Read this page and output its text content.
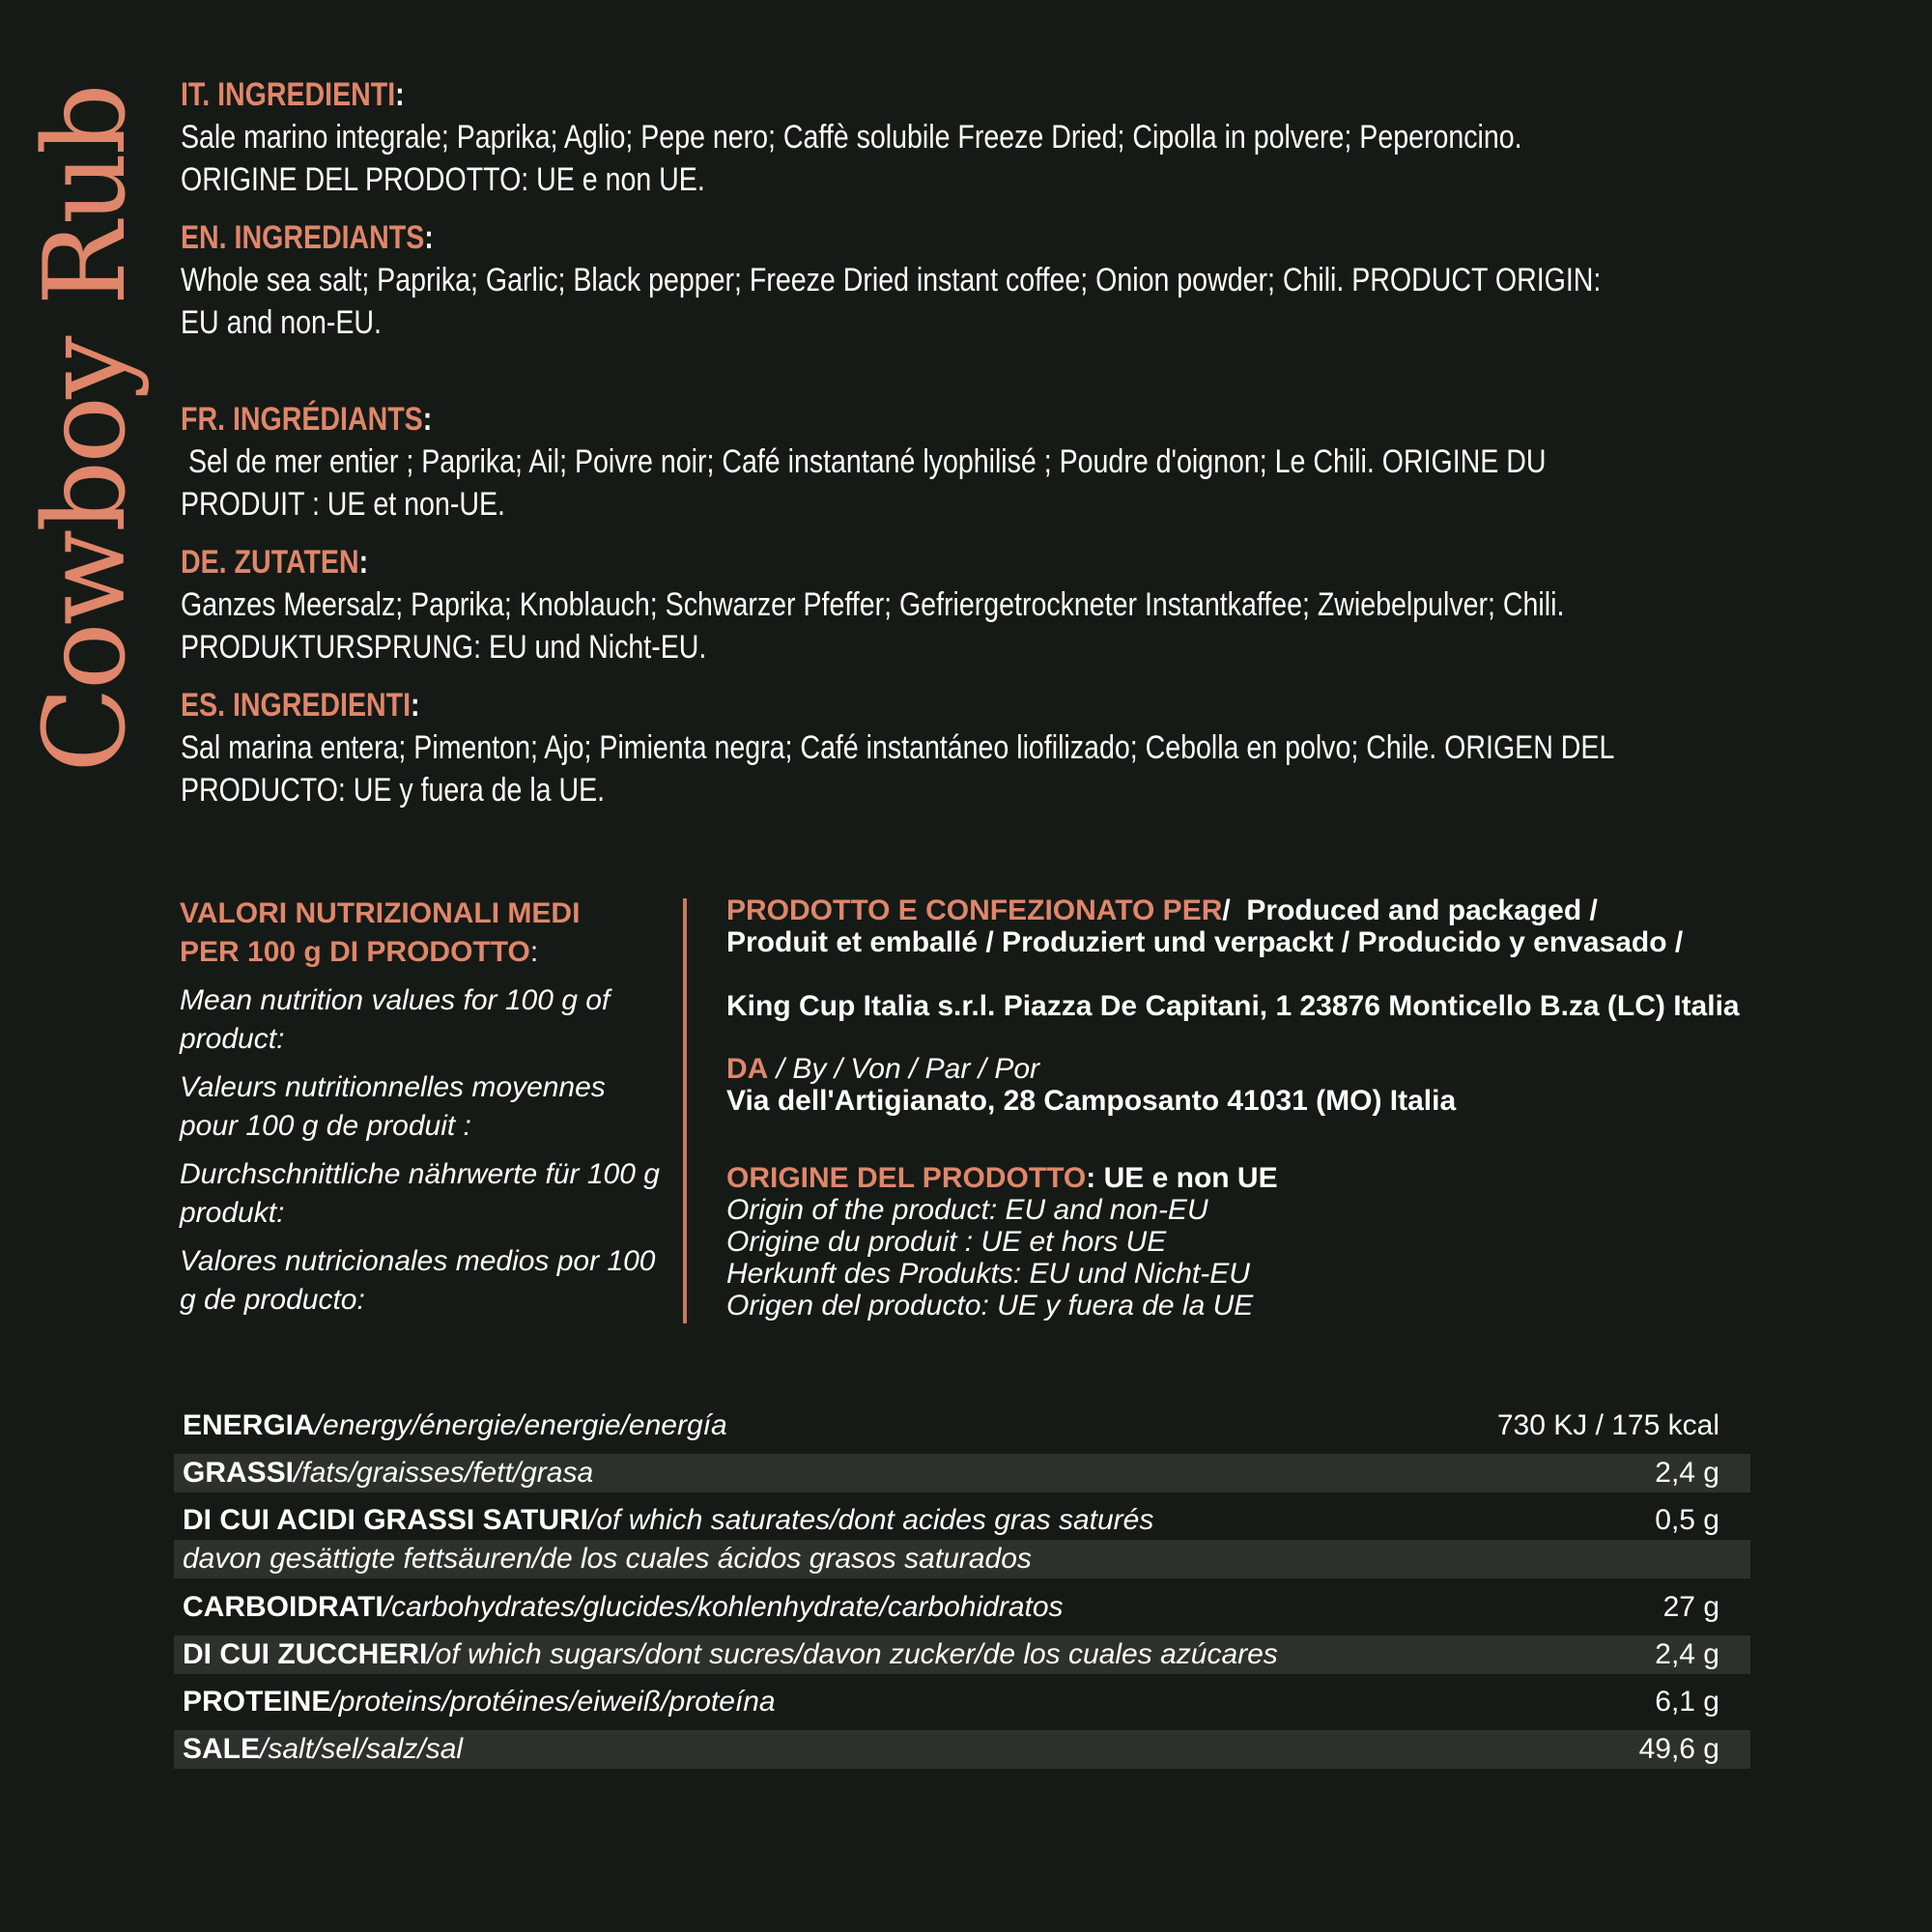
Cowboy Rub IT. INGREDIENTI:
Sale marino integrale; Paprika; Aglio; Pepe nero; Caffè solubile Freeze Dried; Cipolla in polvere; Peperoncino. ORIGINE DEL PRODOTTO: UE e non UE.
EN. INGREDIANTS:
Whole sea salt; Paprika; Garlic; Black pepper; Freeze Dried instant coffee; Onion powder; Chili. PRODUCT ORIGIN: EU and non-EU.
FR. INGRÉDIANTS:
Sel de mer entier ; Paprika; Ail; Poivre noir; Café instantané lyophilisé ; Poudre d'oignon; Le Chili. ORIGINE DU PRODUIT : UE et non-UE.
DE. ZUTATEN:
Ganzes Meersalz; Paprika; Knoblauch; Schwarzer Pfeffer; Gefriergetrockneter Instantkaffee; Zwiebelpulver; Chili. PRODUKTURSPRUNG: EU und Nicht-EU.
ES. INGREDIENTI:
Sal marina entera; Pimenton; Ajo; Pimienta negra; Café instantáneo liofilizado; Cebolla en polvo; Chile. ORIGEN DEL PRODUCTO: UE y fuera de la UE.
VALORI NUTRIZIONALI MEDI
PER 100 g DI PRODOTTO:
Mean nutrition values for 100 g of product:
Valeurs nutritionnelles moyennes pour 100 g de produit :
Durchschnittliche nährwerte für 100 g produkt:
Valores nutricionales medios por 100 g de producto:
PRODOTTO E CONFEZIONATO PER/  Produced and packaged /
Produit et emballé / Produziert und verpackt / Producido y envasado /
King Cup Italia s.r.l. Piazza De Capitani, 1 23876 Monticello B.za (LC) Italia
DA / By / Von / Par / Por
Via dell'Artigianato, 28 Camposanto 41031 (MO) Italia
ORIGINE DEL PRODOTTO: UE e non UE
Origin of the product: EU and non-EU
Origine du produit : UE et hors UE
Herkunft des Produkts: EU und Nicht-EU
Origen del producto: UE y fuera de la UE
ENERGIA/energy/énergie/energie/energía	730 KJ / 175 kcal
GRASSI/fats/graisses/fett/grasa	2,4 g
DI CUI ACIDI GRASSI SATURI/of which saturates/dont acides gras saturés	0,5 g
davon gesättigte fettsäuren/de los cuales ácidos grasos saturados
CARBOIDRATI/carbohydrates/glucides/kohlenhydrate/carbohidratos	27 g
DI CUI ZUCCHERI/of which sugars/dont sucres/davon zucker/de los cuales azúcares	2,4 g
PROTEINE/proteins/protéines/eiweiß/proteína	6,1 g
SALE/salt/sel/salz/sal	49,6 g
